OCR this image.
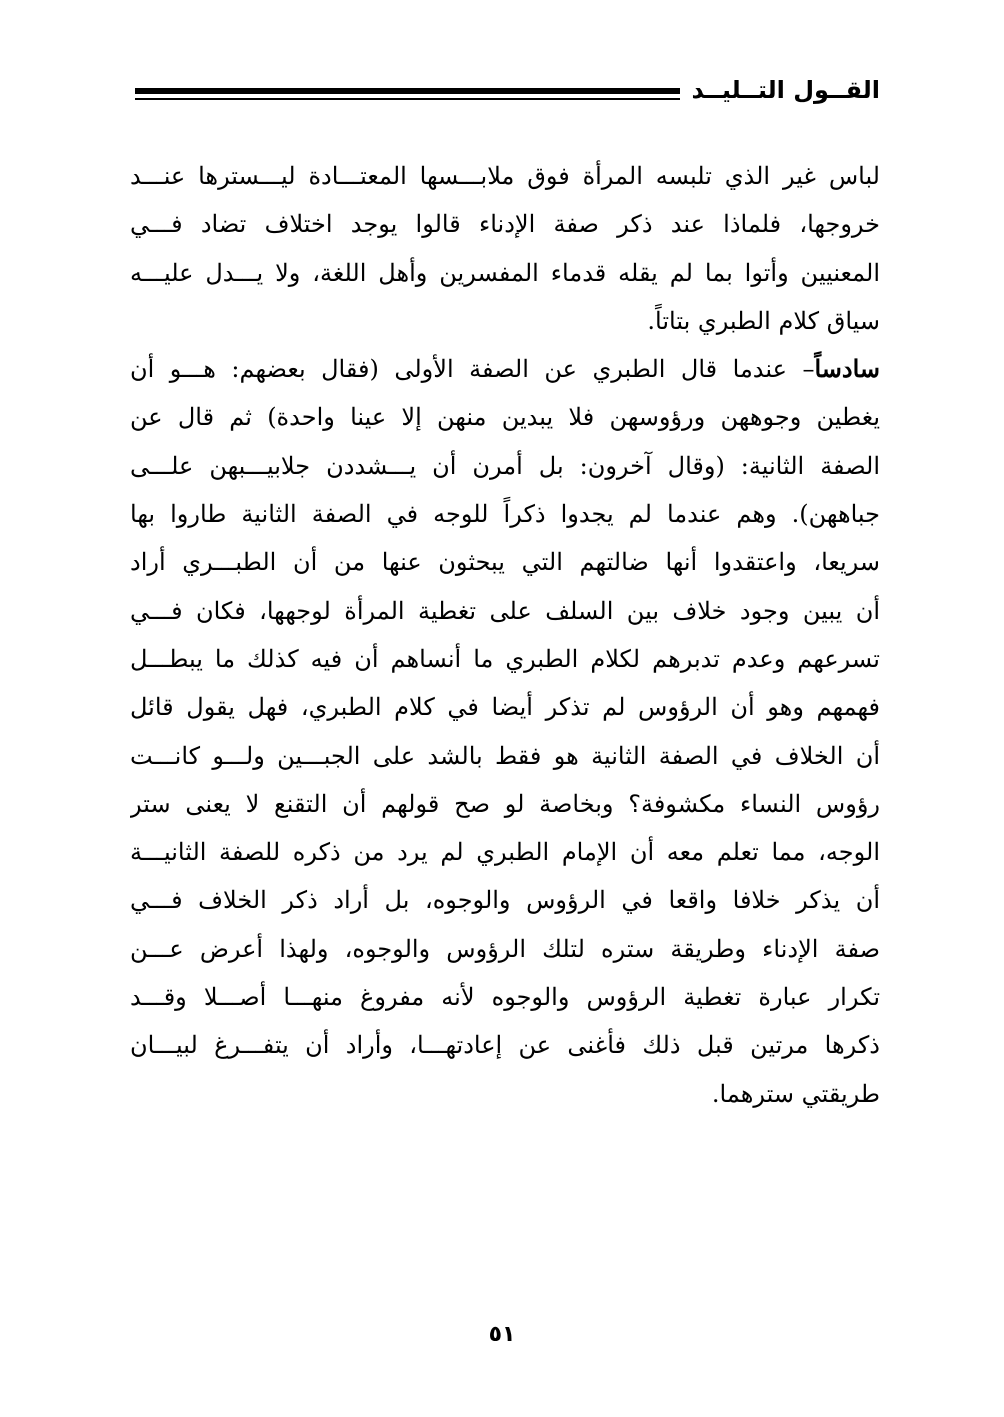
القــول التــليــد
لباس غير الذي تلبسه المرأة فوق ملابـــسها المعتـــادة ليـــسترها عنـــد
خروجها، فلماذا عند ذكر صفة الإدناء قالوا يوجد اختلاف تضاد فـــي
المعنيين وأتوا بما لم يقله قدماء المفسرين وأهل اللغة، ولا يـــدل عليـــه
سياق كلام الطبري بتاتاً.
سادساً– عندما قال الطبري عن الصفة الأولى (فقال بعضهم: هـــو أن
يغطين وجوههن ورؤوسهن فلا يبدين منهن إلا عينا واحدة) ثم قال عن
الصفة الثانية: (وقال آخرون: بل أمرن أن يـــشددن جلابيـــبهن علـــى
جباههن). وهم عندما لم يجدوا ذكراً للوجه في الصفة الثانية طاروا بها
سريعا، واعتقدوا أنها ضالتهم التي يبحثون عنها من أن الطبـــري أراد
أن يبين وجود خلاف بين السلف على تغطية المرأة لوجهها، فكان فـــي
تسرعهم وعدم تدبرهم لكلام الطبري ما أنساهم أن فيه كذلك ما يبطـــل
فهمهم وهو أن الرؤوس لم تذكر أيضا في كلام الطبري، فهل يقول قائل
أن الخلاف في الصفة الثانية هو فقط بالشد على الجبـــين ولـــو كانـــت
رؤوس النساء مكشوفة؟ وبخاصة لو صح قولهم أن التقنع لا يعنى ستر
الوجه، مما تعلم معه أن الإمام الطبري لم يرد من ذكره للصفة الثانيـــة
أن يذكر خلافا واقعا في الرؤوس والوجوه، بل أراد ذكر الخلاف فـــي
صفة الإدناء وطريقة ستره لتلك الرؤوس والوجوه، ولهذا أعرض عـــن
تكرار عبارة تغطية الرؤوس والوجوه لأنه مفروغ منهـــا أصـــلا وقـــد
ذكرها مرتين قبل ذلك فأغنى عن إعادتهـــا، وأراد أن يتفـــرغ لبيـــان
طريقتي سترهما.
٥١
